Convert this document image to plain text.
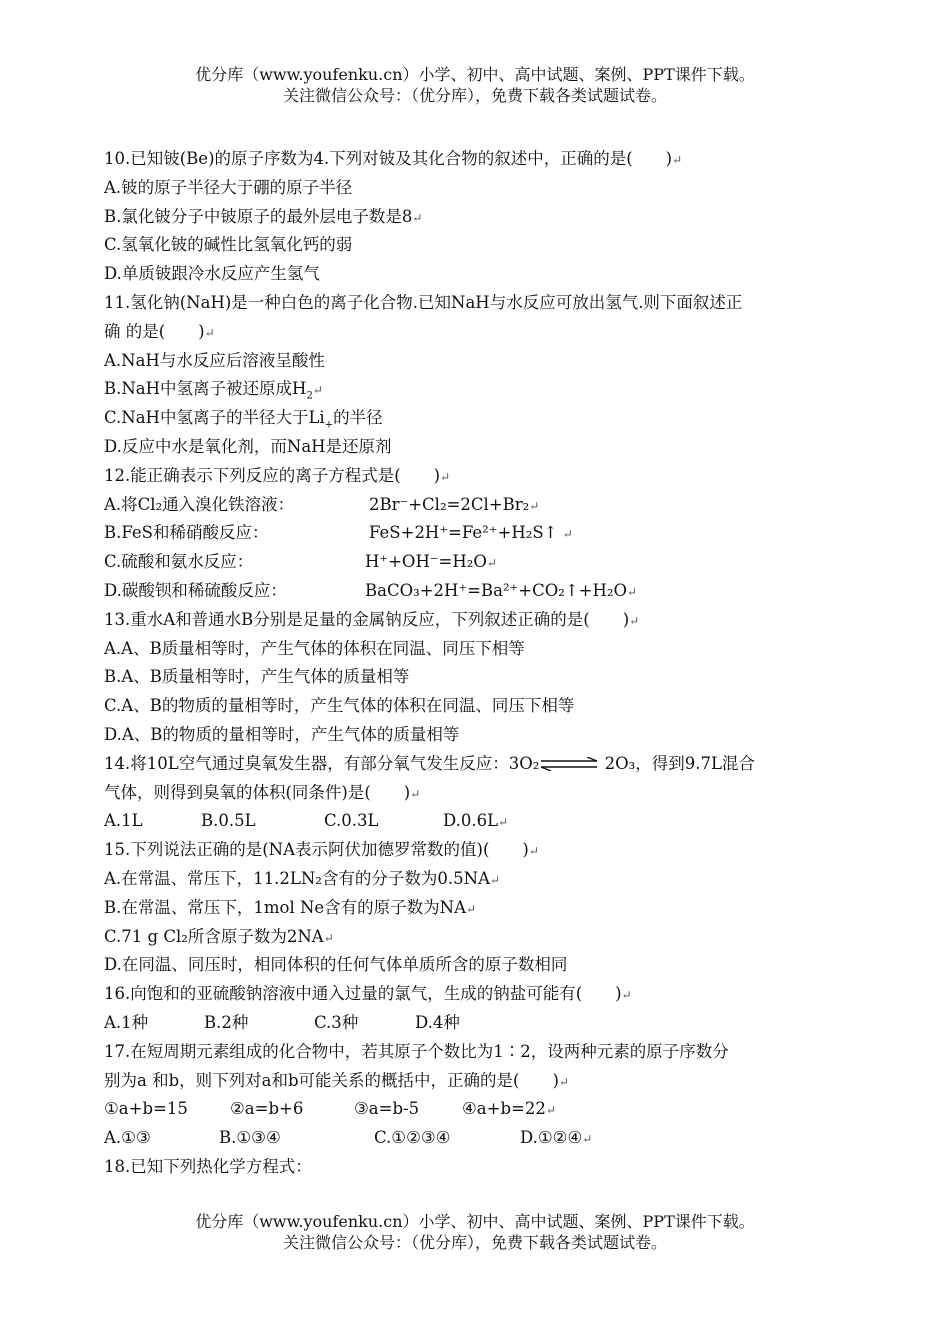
优分库（www.youfenku.cn）小学、初中、高中试题、案例、PPT课件下载。
关注微信公众号：（优分库），免费下载各类试题试卷。
10.已知铍(Be)的原子序数为4.下列对铍及其化合物的叙述中，正确的是(　　)↵
A.铍的原子半径大于硼的原子半径
B.氯化铍分子中铍原子的最外层电子数是8↵
C.氢氧化铍的碱性比氢氧化钙的弱
D.单质铍跟冷水反应产生氢气
11.氢化钠(NaH)是一种白色的离子化合物.已知NaH与水反应可放出氢气.则下面叙述正
确 的是(　　)↵
A.NaH与水反应后溶液呈酸性
B.NaH中氢离子被还原成$H_2↵$
C.NaH中氢离子的半径大于$Li_+$的半径
D.反应中水是氧化剂，而NaH是还原剂
12.能正确表示下列反应的离子方程式是(　　)↵
A.将Cl₂通入溴化铁溶液：	2Br⁻+Cl₂=2Cl+Br₂↵
B.FeS和稀硝酸反应：	FeS+2H⁺=Fe²⁺+H₂S↑ ↵
C.硫酸和氨水反应：	H⁺+OH⁻=H₂O↵
D.碳酸钡和稀硫酸反应：	BaCO₃+2H⁺=Ba²⁺+CO₂↑+H₂O↵
13.重水A和普通水B分别是足量的金属钠反应，下列叙述正确的是(　　)↵
A.A、B质量相等时，产生气体的体积在同温、同压下相等
B.A、B质量相等时，产生气体的质量相等
C.A、B的物质的量相等时，产生气体的体积在同温、同压下相等
D.A、B的物质的量相等时，产生气体的质量相等
14.将10L空气通过臭氧发生器，有部分氧气发生反应：3O₂⇌ 2O₃，得到9.7L混合
气体，则得到臭氧的体积(同条件)是(　　)↵
A.1L	B.0.5L	C.0.3L	D.0.6L↵
15.下列说法正确的是(NA表示阿伏加德罗常数的值)(　　)↵
A.在常温、常压下，11.2LN₂含有的分子数为0.5NA↵
B.在常温、常压下，1mol Ne含有的原子数为NA↵
C.71 g Cl₂所含原子数为2NA↵
D.在同温、同压时，相同体积的任何气体单质所含的原子数相同
16.向饱和的亚硫酸钠溶液中通入过量的氯气，生成的钠盐可能有(　　)↵
A.1种	B.2种	C.3种	D.4种
17.在短周期元素组成的化合物中，若其原子个数比为1∶2，设两种元素的原子序数分
别为a 和b，则下列对a和b可能关系的概括中，正确的是(　　)↵
①a+b=15	②a=b+6	③a=b-5	④a+b=22↵
A.①③	B.①③④	C.①②③④	D.①②④↵
18.已知下列热化学方程式：
优分库（www.youfenku.cn）小学、初中、高中试题、案例、PPT课件下载。
关注微信公众号：（优分库），免费下载各类试题试卷。
